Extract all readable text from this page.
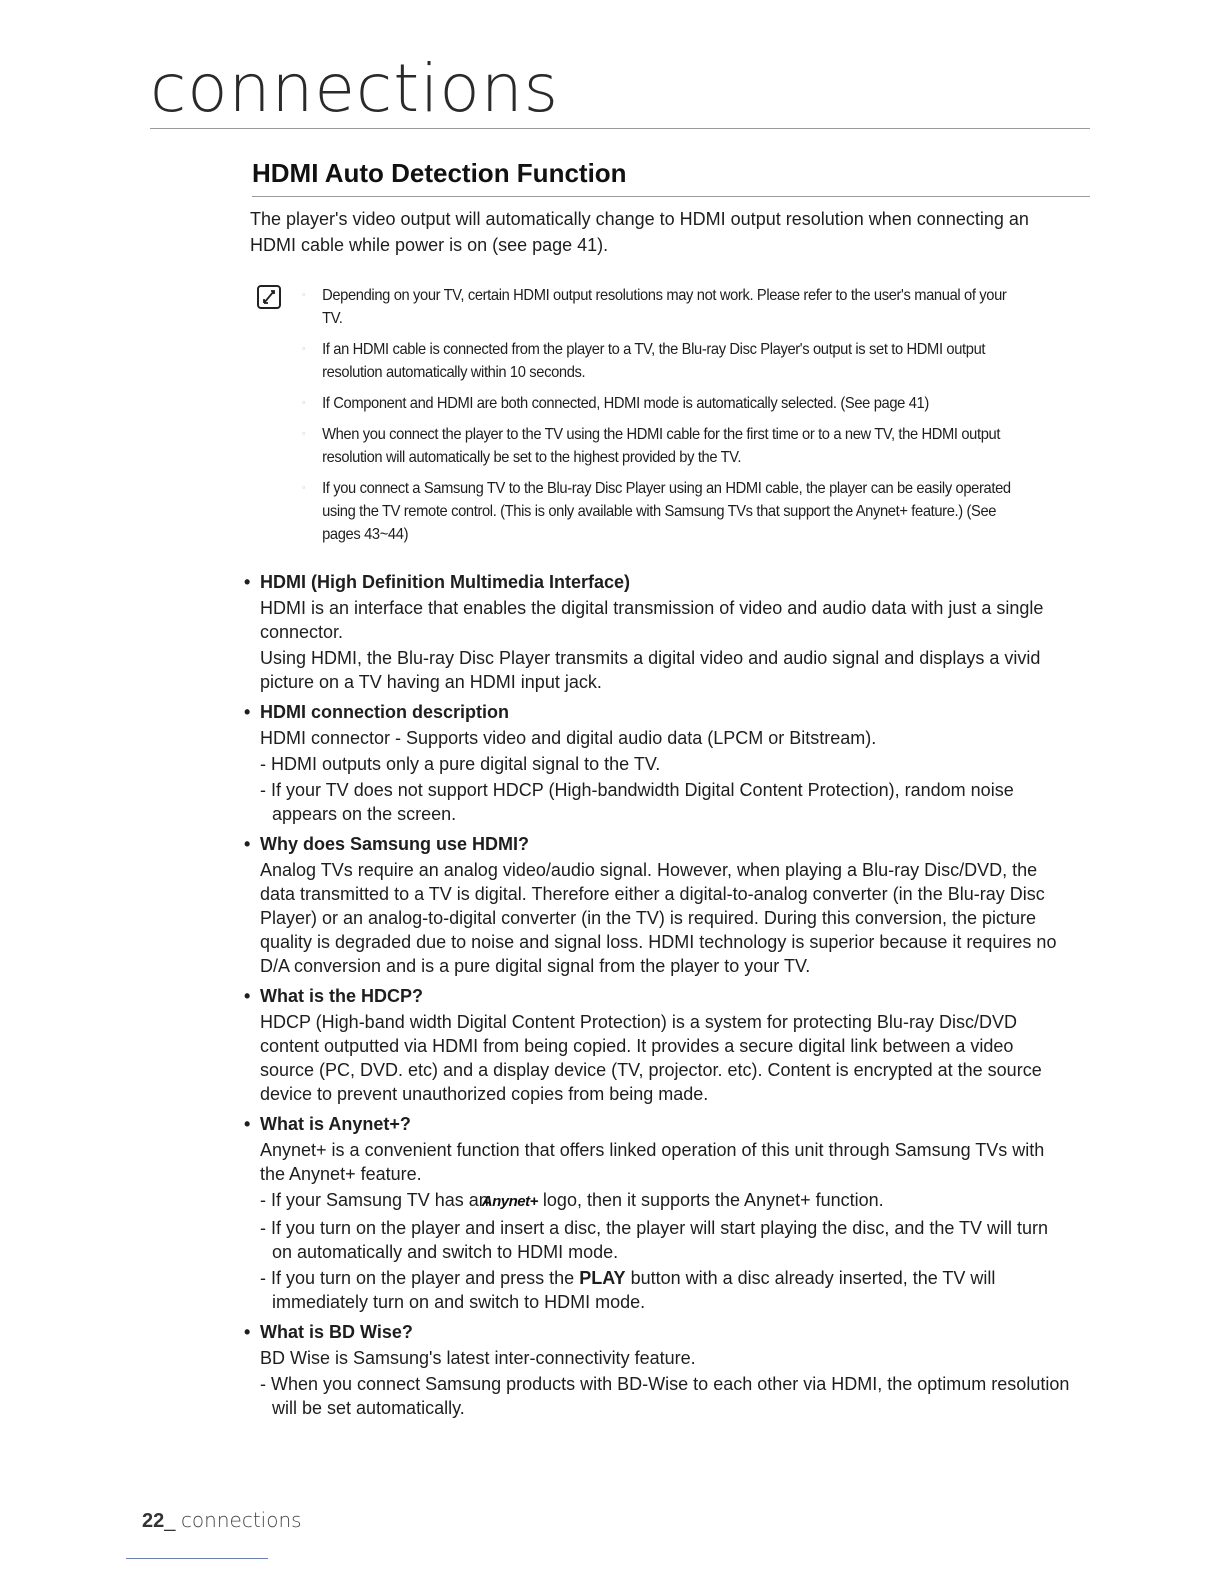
connections
HDMI Auto Detection Function

The player's video output will automatically change to HDMI output resolution when connecting an HDMI cable while power is on (see page 41).

◦ Depending on your TV, certain HDMI output resolutions may not work. Please refer to the user's manual of your TV.
◦ If an HDMI cable is connected from the player to a TV, the Blu-ray Disc Player's output is set to HDMI output resolution automatically within 10 seconds.
◦ If Component and HDMI are both connected, HDMI mode is automatically selected. (See page 41)
◦ When you connect the player to the TV using the HDMI cable for the first time or to a new TV, the HDMI output resolution will automatically be set to the highest provided by the TV.
◦ If you connect a Samsung TV to the Blu-ray Disc Player using an HDMI cable, the player can be easily operated using the TV remote control. (This is only available with Samsung TVs that support the Anynet+ feature.) (See pages 43~44)

• HDMI (High Definition Multimedia Interface)

HDMI is an interface that enables the digital transmission of video and audio data with just a single connector.

Using HDMI, the Blu-ray Disc Player transmits a digital video and audio signal and displays a vivid picture on a TV having an HDMI input jack.

• HDMI connection description

HDMI connector - Supports video and digital audio data (LPCM or Bitstream).

- HDMI outputs only a pure digital signal to the TV.

- If your TV does not support HDCP (High-bandwidth Digital Content Protection), random noise appears on the screen.

• Why does Samsung use HDMI?

Analog TVs require an analog video/audio signal. However, when playing a Blu-ray Disc/DVD, the data transmitted to a TV is digital. Therefore either a digital-to-analog converter (in the Blu-ray Disc Player) or an analog-to-digital converter (in the TV) is required. During this conversion, the picture quality is degraded due to noise and signal loss. HDMI technology is superior because it requires no D/A conversion and is a pure digital signal from the player to your TV.

• What is the HDCP?

HDCP (High-band width Digital Content Protection) is a system for protecting Blu-ray Disc/DVD content outputted via HDMI from being copied. It provides a secure digital link between a video source (PC, DVD. etc) and a display device (TV, projector. etc). Content is encrypted at the source device to prevent unauthorized copies from being made.

• What is Anynet+?

Anynet+ is a convenient function that offers linked operation of this unit through Samsung TVs with the Anynet+ feature.

- If your Samsung TV has an Anynet+ logo, then it supports the Anynet+ function.

- If you turn on the player and insert a disc, the player will start playing the disc, and the TV will turn on automatically and switch to HDMI mode.

- If you turn on the player and press the PLAY button with a disc already inserted, the TV will immediately turn on and switch to HDMI mode.

• What is BD Wise?

BD Wise is Samsung's latest inter-connectivity feature.

- When you connect Samsung products with BD-Wise to each other via HDMI, the optimum resolution will be set automatically.

22_ connections
